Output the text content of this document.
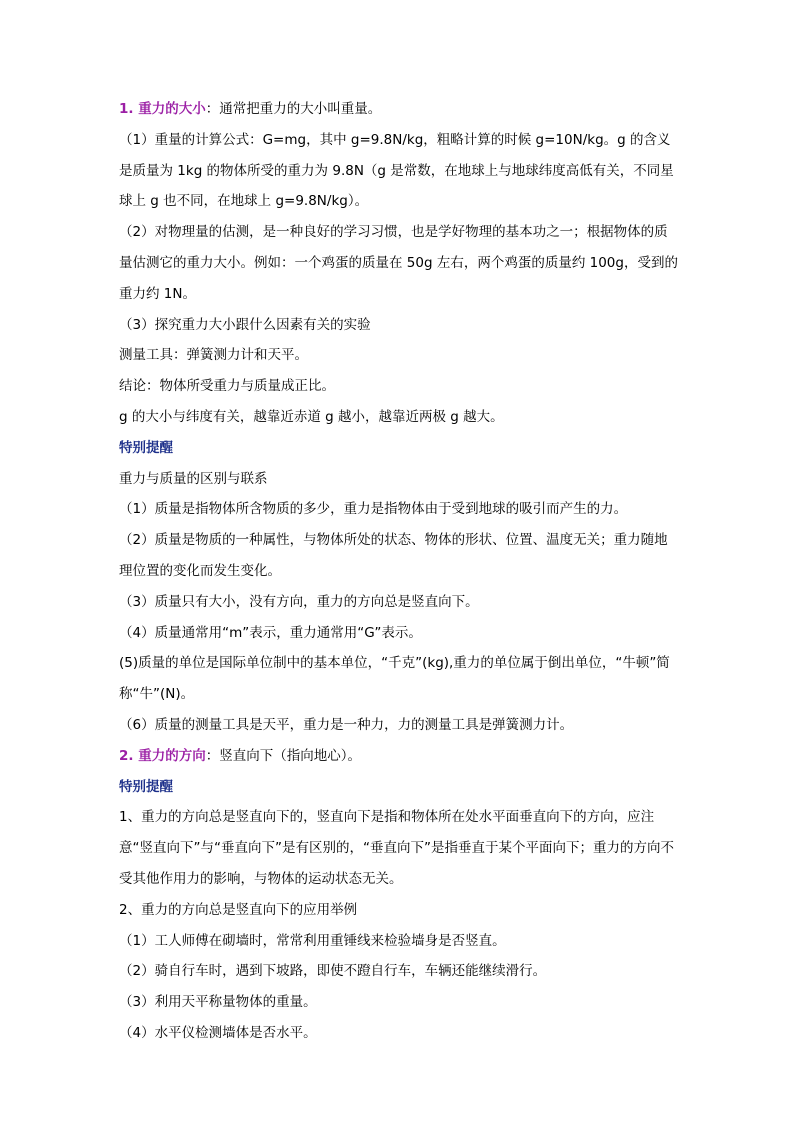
1. 重力的大小：通常把重力的大小叫重量。
（1）重量的计算公式：G=mg，其中 g=9.8N/kg，粗略计算的时候 g=10N/kg。g 的含义是质量为 1kg 的物体所受的重力为 9.8N（g 是常数，在地球上与地球纬度高低有关，不同星球上 g 也不同，在地球上 g=9.8N/kg）。
（2）对物理量的估测，是一种良好的学习习惯，也是学好物理的基本功之一；根据物体的质量估测它的重力大小。例如：一个鸡蛋的质量在 50g 左右，两个鸡蛋的质量约 100g，受到的重力约 1N。
（3）探究重力大小跟什么因素有关的实验
测量工具：弹簧测力计和天平。
结论：物体所受重力与质量成正比。
g 的大小与纬度有关，越靠近赤道 g 越小，越靠近两极 g 越大。
特别提醒
重力与质量的区别与联系
（1）质量是指物体所含物质的多少，重力是指物体由于受到地球的吸引而产生的力。
（2）质量是物质的一种属性，与物体所处的状态、物体的形状、位置、温度无关；重力随地理位置的变化而发生变化。
（3）质量只有大小，没有方向，重力的方向总是竖直向下。
（4）质量通常用“m”表示，重力通常用“G”表示。
(5)质量的单位是国际单位制中的基本单位，“千克”(kg),重力的单位属于倒出单位，“牛顿”简称“牛”(N)。
（6）质量的测量工具是天平，重力是一种力，力的测量工具是弹簧测力计。
2. 重力的方向：竖直向下（指向地心）。
特别提醒
1、重力的方向总是竖直向下的，竖直向下是指和物体所在处水平面垂直向下的方向，应注意“竖直向下”与“垂直向下”是有区别的，“垂直向下”是指垂直于某个平面向下；重力的方向不受其他作用力的影响，与物体的运动状态无关。
2、重力的方向总是竖直向下的应用举例
（1）工人师傅在砌墙时，常常利用重锤线来检验墙身是否竖直。
（2）骑自行车时，遇到下坡路，即使不蹬自行车，车辆还能继续滑行。
（3）利用天平称量物体的重量。
（4）水平仪检测墙体是否水平。
